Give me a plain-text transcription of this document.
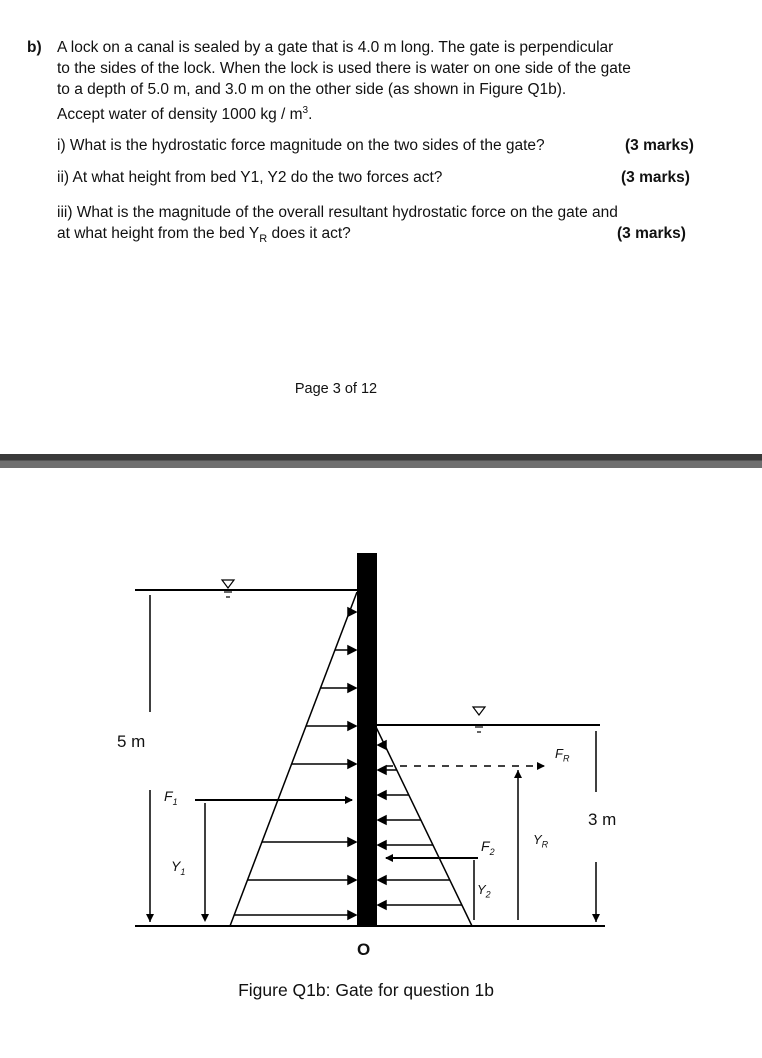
b) A lock on a canal is sealed by a gate that is 4.0 m long. The gate is perpendicular
to the sides of the lock. When the lock is used there is water on one side of the gate
to a depth of 5.0 m, and 3.0 m on the other side (as shown in Figure Q1b).
Accept water of density 1000 kg / $m^3$.
i) What is the hydrostatic force magnitude on the two sides of the gate?	(3 marks)
ii) At what height from bed Y1, Y2 do the two forces act?	(3 marks)
iii) What is the magnitude of the overall resultant hydrostatic force on the gate and
at what height from the bed $Y_R$ does it act?	(3 marks)
Page 3 of 12
5 m
3 m
$F_1$
$Y_1$
$F_2$
$Y_2$
$F_R$
$Y_R$
O
Figure Q1b: Gate for question 1b
